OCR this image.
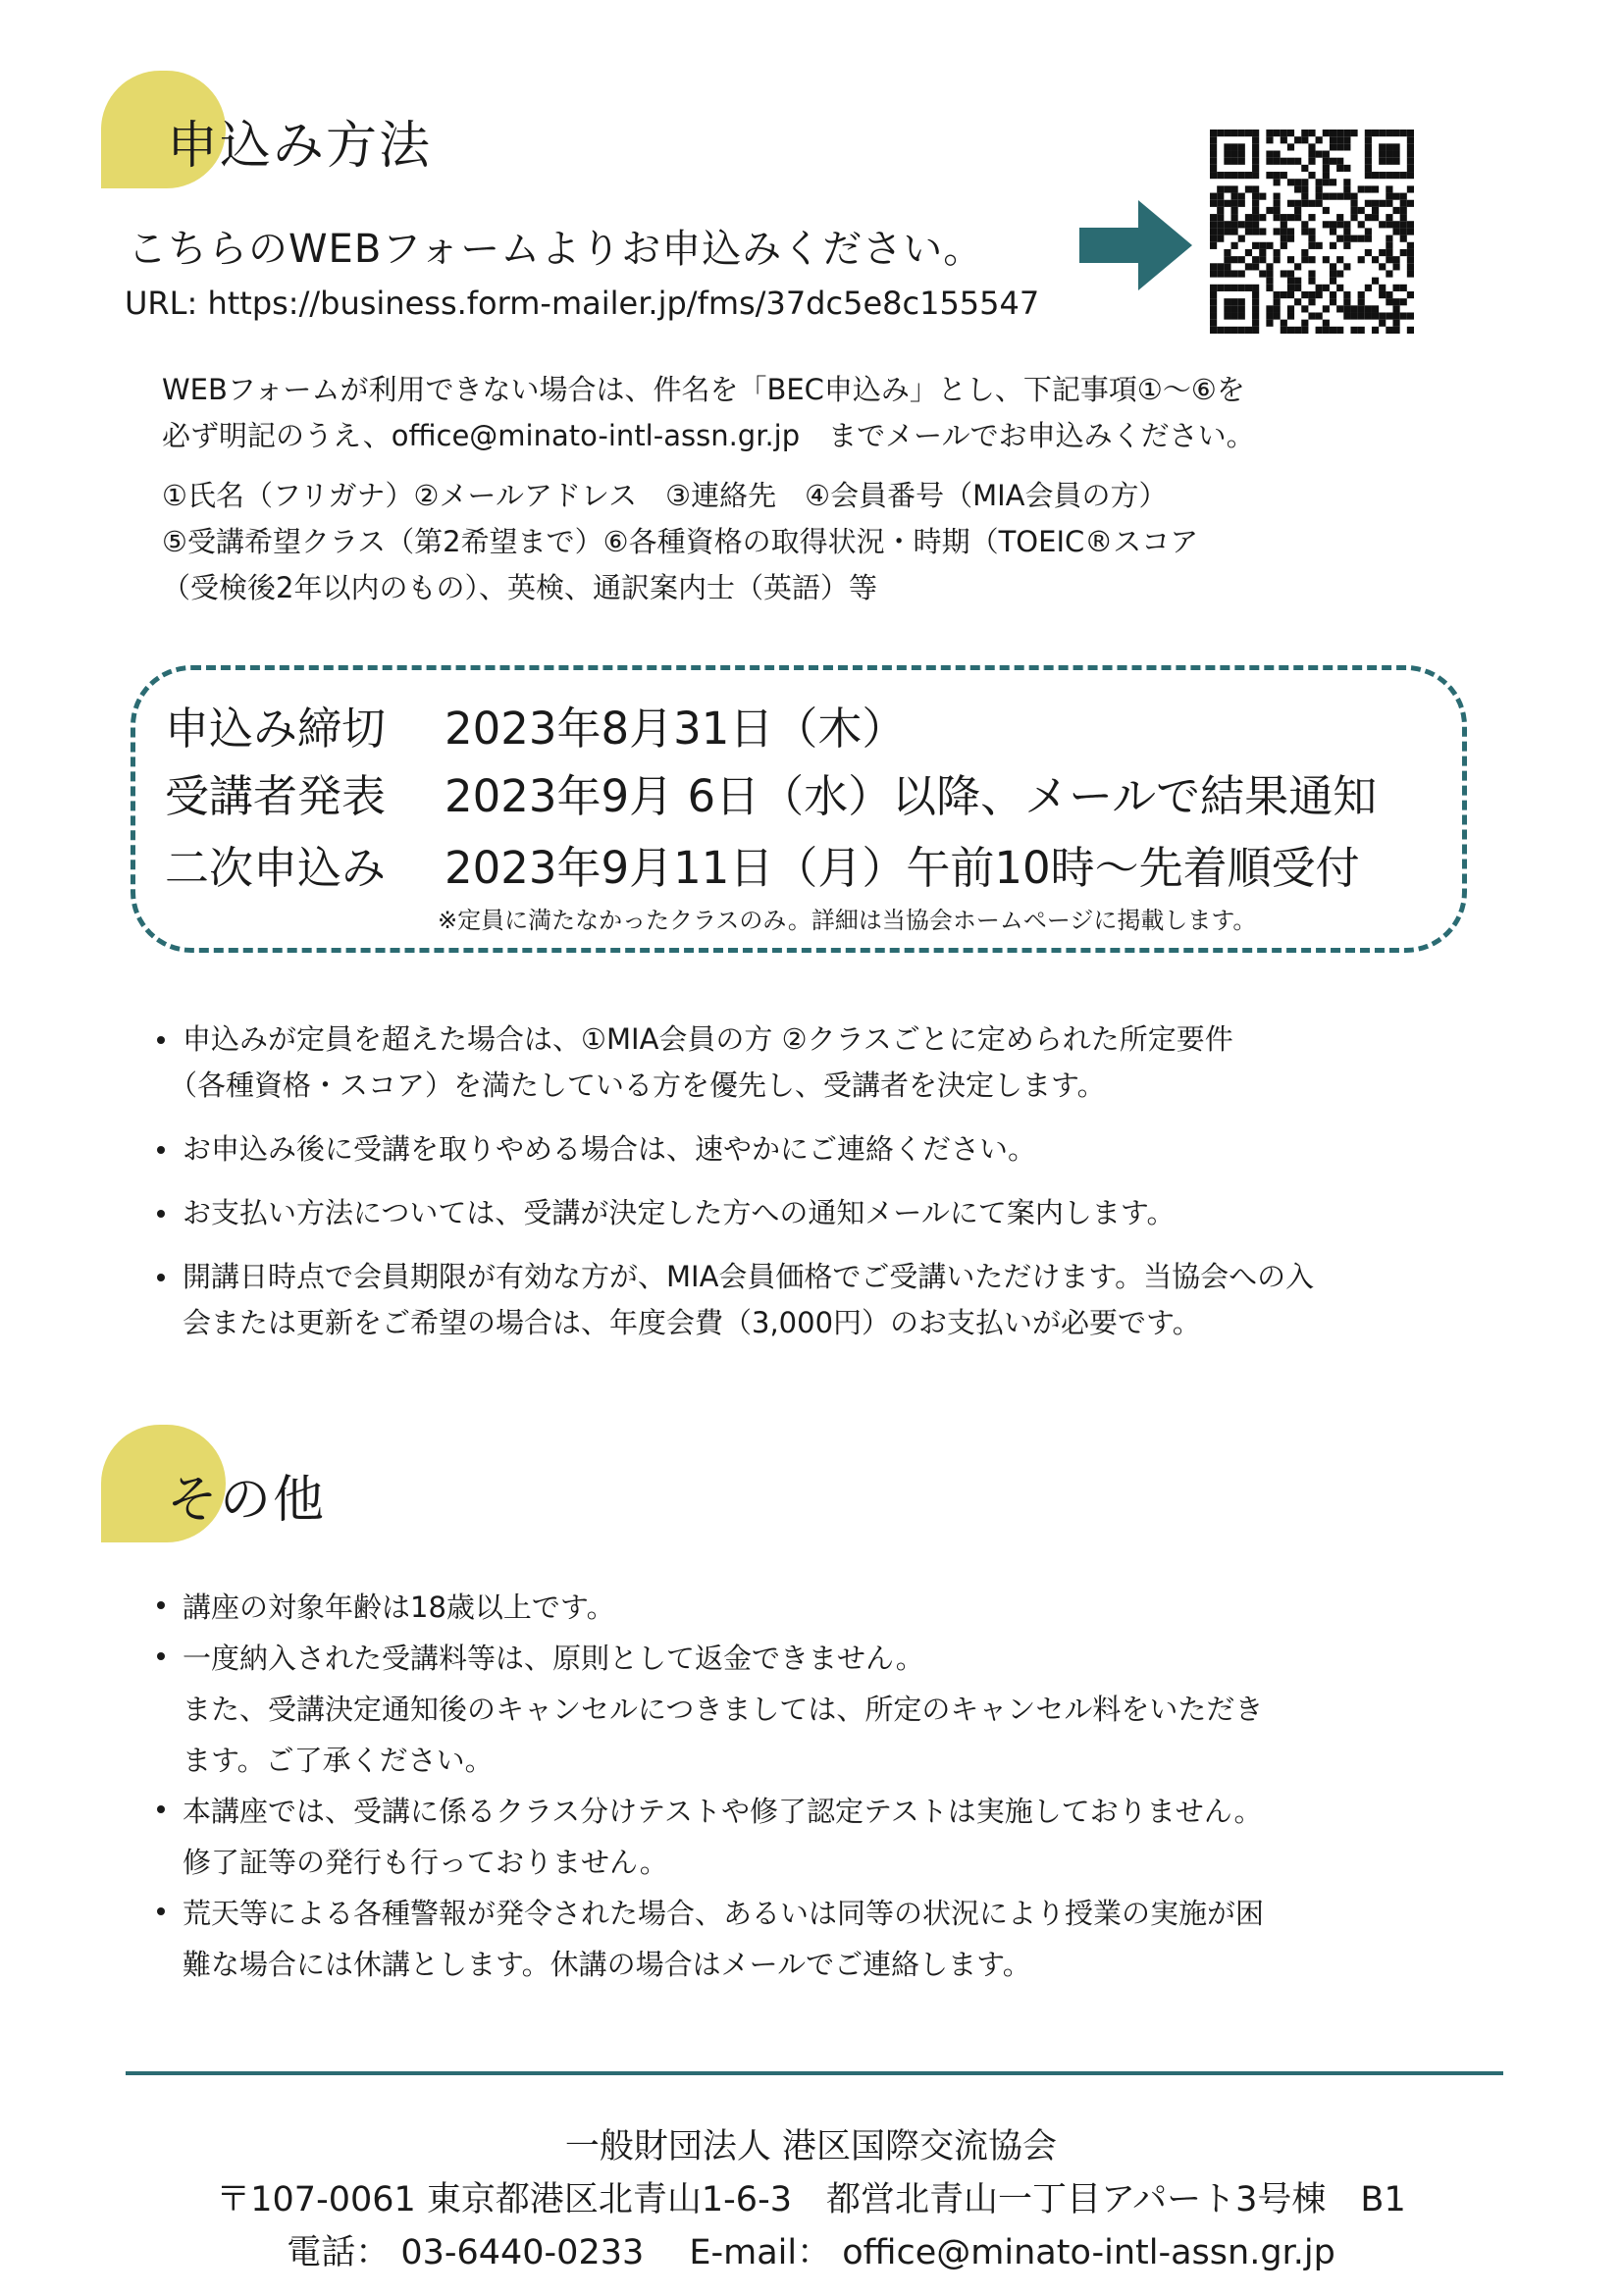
申込み方法
こちらのWEBフォームよりお申込みください。
URL: https://business.form-mailer.jp/fms/37dc5e8c155547
WEBフォームが利用できない場合は、件名を「BEC申込み」とし、下記事項①～⑥を
必ず明記のうえ、office@minato-intl-assn.gr.jp　までメールでお申込みください。
①氏名（フリガナ）②メールアドレス　③連絡先　④会員番号（MIA会員の方）
⑤受講希望クラス（第2希望まで）⑥各種資格の取得状況・時期（TOEIC®スコア
（受検後2年以内のもの）、英検、通訳案内士（英語）等
申込み締切 2023年8月31日（木）
受講者発表 2023年9月 6日（水）以降、メールで結果通知
二次申込み 2023年9月11日（月）午前10時～先着順受付
※定員に満たなかったクラスのみ。詳細は当協会ホームページに掲載します。
申込みが定員を超えた場合は、①MIA会員の方 ②クラスごとに定められた所定要件
（各種資格・スコア）を満たしている方を優先し、受講者を決定します。
お申込み後に受講を取りやめる場合は、速やかにご連絡ください。
お支払い方法については、受講が決定した方への通知メールにて案内します。
開講日時点で会員期限が有効な方が、MIA会員価格でご受講いただけます。当協会への入
会または更新をご希望の場合は、年度会費（3,000円）のお支払いが必要です。
その他
講座の対象年齢は18歳以上です。
一度納入された受講料等は、原則として返金できません。
また、受講決定通知後のキャンセルにつきましては、所定のキャンセル料をいただき
ます。ご了承ください。
本講座では、受講に係るクラス分けテストや修了認定テストは実施しておりません。
修了証等の発行も行っておりません。
荒天等による各種警報が発令された場合、あるいは同等の状況により授業の実施が困
難な場合には休講とします。休講の場合はメールでご連絡します。
一般財団法人 港区国際交流協会
〒107-0061 東京都港区北青山1-6-3　都営北青山一丁目アパート3号棟　B1
電話： 03-6440-0233　 E-mail： office@minato-intl-assn.gr.jp
